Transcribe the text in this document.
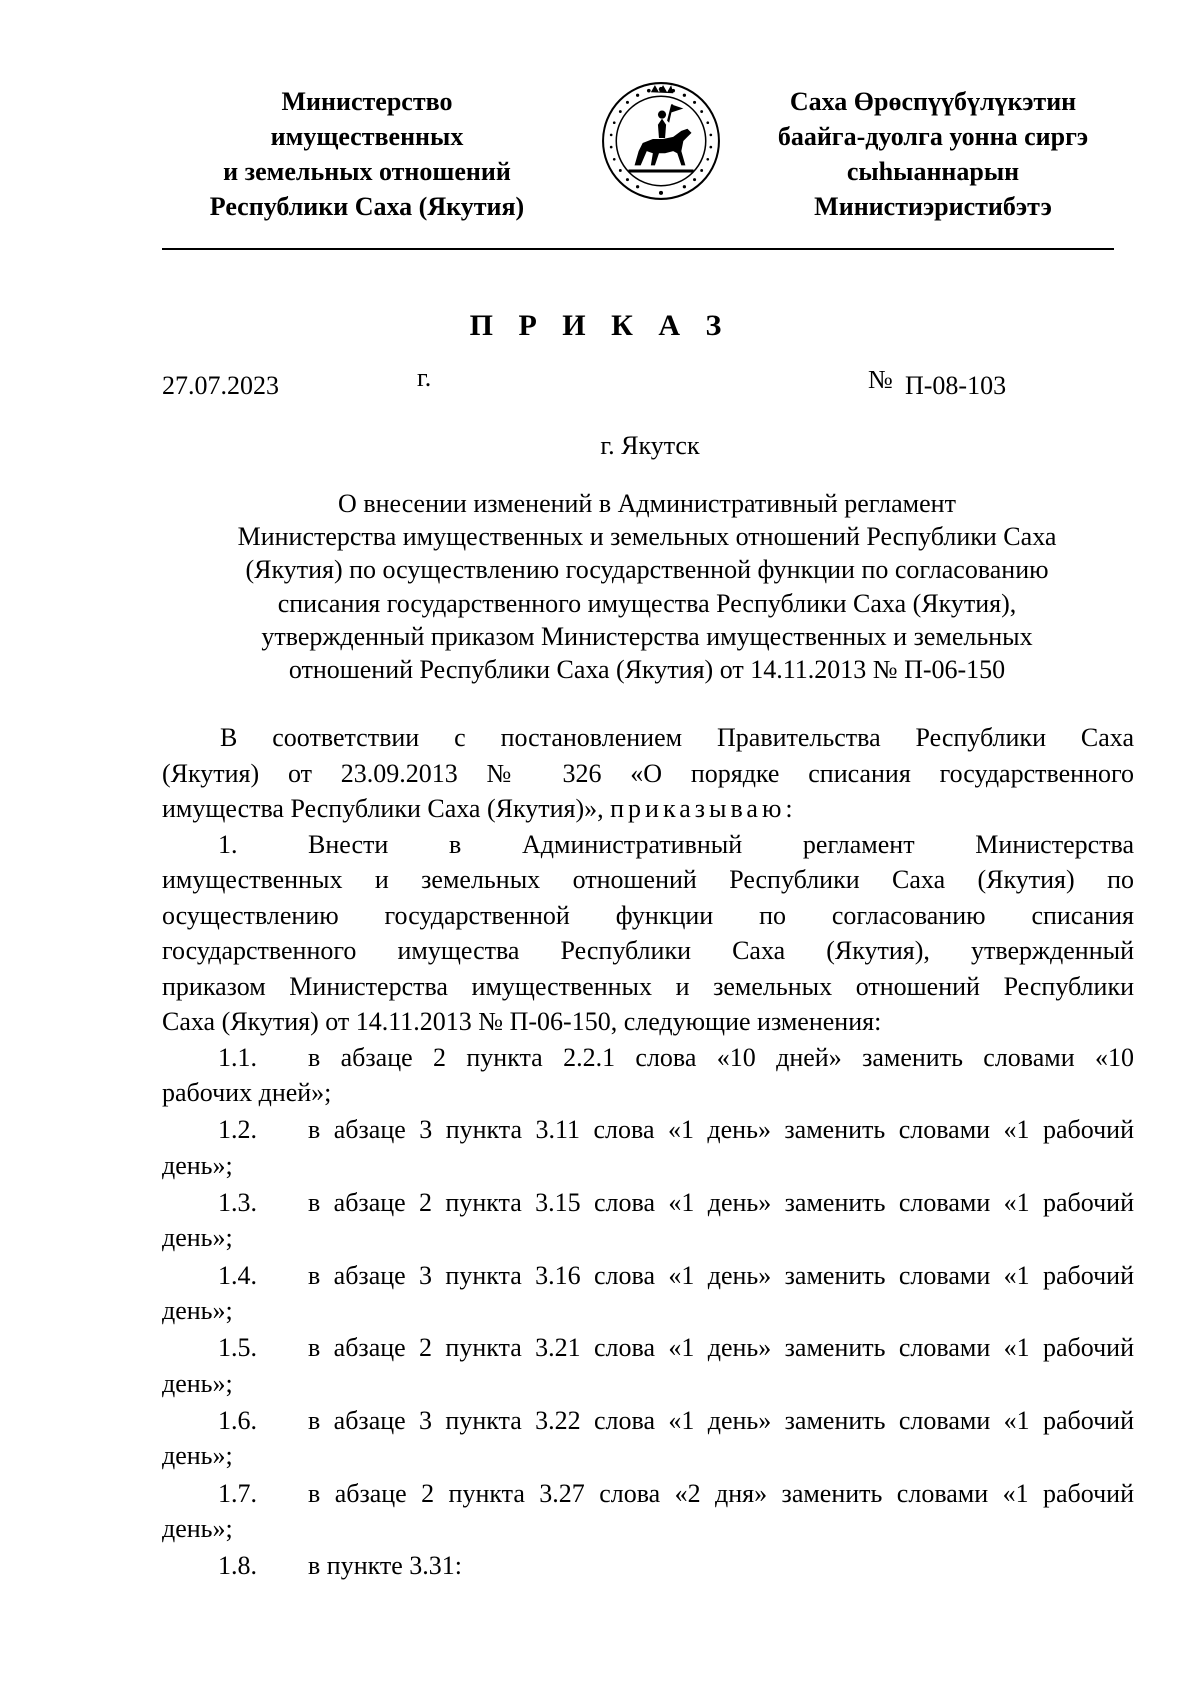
Министерство
имущественных
и земельных отношений
Республики Саха (Якутия)
Саха Өрөспүүбүлүкэтин
баайга-дуолга уонна сиргэ
сыһыаннарын
Министиэристибэтэ
П Р И К А З
27.07.2023	г.	№ П-08-103
г. Якутск
О внесении изменений в Административный регламент
Министерства имущественных и земельных отношений Республики Саха
(Якутия) по осуществлению государственной функции по согласованию
списания государственного имущества Республики Саха (Якутия),
утвержденный приказом Министерства имущественных и земельных
отношений Республики Саха (Якутия) от 14.11.2013 № П-06-150
В соответствии с постановлением Правительства Республики Саха
(Якутия) от 23.09.2013 № 326 «О порядке списания государственного
имущества Республики Саха (Якутия)», приказываю:
1.	Внести в Административный регламент Министерства
имущественных и земельных отношений Республики Саха (Якутия) по
осуществлению государственной функции по согласованию списания
государственного имущества Республики Саха (Якутия), утвержденный
приказом Министерства имущественных и земельных отношений Республики
Саха (Якутия) от 14.11.2013 № П-06-150, следующие изменения:
1.1.	в абзаце 2 пункта 2.2.1 слова «10 дней» заменить словами «10
рабочих дней»;
1.2.	в абзаце 3 пункта 3.11 слова «1 день» заменить словами «1 рабочий
день»;
1.3.	в абзаце 2 пункта 3.15 слова «1 день» заменить словами «1 рабочий
день»;
1.4.	в абзаце 3 пункта 3.16 слова «1 день» заменить словами «1 рабочий
день»;
1.5.	в абзаце 2 пункта 3.21 слова «1 день» заменить словами «1 рабочий
день»;
1.6.	в абзаце 3 пункта 3.22 слова «1 день» заменить словами «1 рабочий
день»;
1.7.	в абзаце 2 пункта 3.27 слова «2 дня» заменить словами «1 рабочий
день»;
1.8.	в пункте 3.31:
